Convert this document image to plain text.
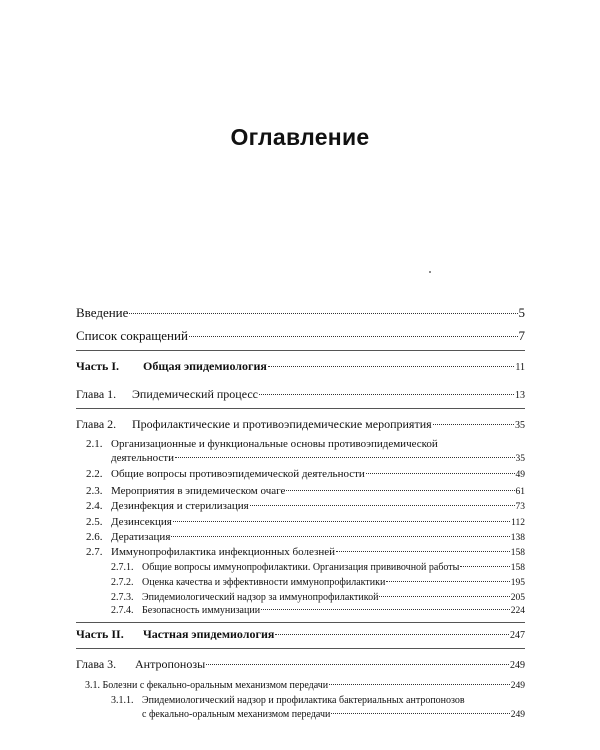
Оглавление
Введение	5
Список сокращений	7
Часть I.	Общая эпидемиология	11
Глава 1.	Эпидемический процесс	13
Глава 2.	Профилактические и противоэпидемические мероприятия	35
2.1. Организационные и функциональные основы противоэпидемической
деятельности	35
2.2. Общие вопросы противоэпидемической деятельности	49
2.3. Мероприятия в эпидемическом очаге	61
2.4. Дезинфекция и стерилизация	73
2.5. Дезинсекция	112
2.6. Дератизация	138
2.7. Иммунопрофилактика инфекционных болезней	158
2.7.1. Общие вопросы иммунопрофилактики. Организация прививочной работы	158
2.7.2. Оценка качества и эффективности иммунопрофилактики	195
2.7.3. Эпидемиологический надзор за иммунопрофилактикой	205
2.7.4. Безопасность иммунизации	224
Часть II.	Частная эпидемиология	247
Глава 3.	Антропонозы	249
3.1. Болезни с фекально-оральным механизмом передачи	249
3.1.1. Эпидемиологический надзор и профилактика бактериальных антропонозов
с фекально-оральным механизмом передачи	249
